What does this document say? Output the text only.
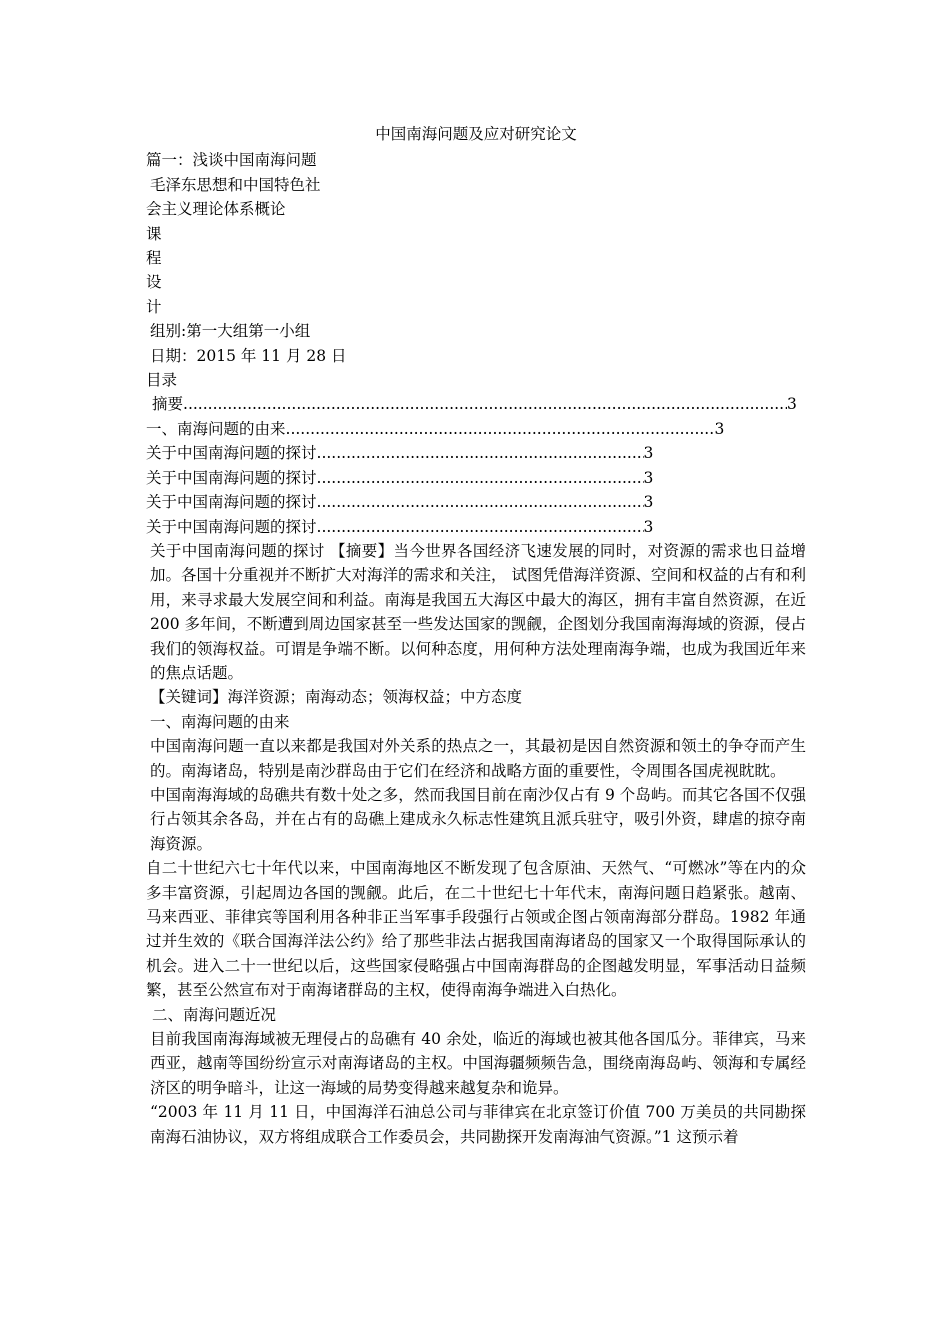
中国南海问题及应对研究论文
篇一：浅谈中国南海问题
毛泽东思想和中国特色社
会主义理论体系概论
课
程
设
计
组别:第一大组第一小组
日期：2015 年 11 月 28 日
目录
摘要 .....	3
一、南海问题的由来 .....	3
关于中国南海问题的探讨 .....	3
关于中国南海问题的探讨 .....	3
关于中国南海问题的探讨 .....	3
关于中国南海问题的探讨 .....	3

关于中国南海问题的探讨 【摘要】当今世界各国经济飞速发展的同时，对资源的需求也日益增加。各国十分重视并不断扩大对海洋的需求和关注， 试图凭借海洋资源、空间和权益的占有和利用，来寻求最大发展空间和利益。南海是我国五大海区中最大的海区，拥有丰富自然资源，在近 200 多年间，不断遭到周边国家甚至一些发达国家的觊觎，企图划分我国南海海域的资源，侵占我们的领海权益。可谓是争端不断。以何种态度，用何种方法处理南海争端，也成为我国近年来的焦点话题。

【关键词】海洋资源；南海动态；领海权益；中方态度

一、南海问题的由来

中国南海问题一直以来都是我国对外关系的热点之一，其最初是因自然资源和领土的争夺而产生的。南海诸岛，特别是南沙群岛由于它们在经济和战略方面的重要性，令周围各国虎视眈眈。

中国南海海域的岛礁共有数十处之多，然而我国目前在南沙仅占有 9 个岛屿。而其它各国不仅强行占领其余各岛，并在占有的岛礁上建成永久标志性建筑且派兵驻守，吸引外资，肆虐的掠夺南海资源。

自二十世纪六七十年代以来，中国南海地区不断发现了包含原油、天然气、“可燃冰”等在内的众多丰富资源，引起周边各国的觊觎。此后，在二十世纪七十年代末，南海问题日趋紧张。越南、马来西亚、菲律宾等国利用各种非正当军事手段强行占领或企图占领南海部分群岛。1982 年通过并生效的《联合国海洋法公约》给了那些非法占据我国南海诸岛的国家又一个取得国际承认的机会。进入二十一世纪以后，这些国家侵略强占中国南海群岛的企图越发明显，军事活动日益频繁，甚至公然宣布对于南海诸群岛的主权，使得南海争端进入白热化。

二、南海问题近况

目前我国南海海域被无理侵占的岛礁有 40 余处，临近的海域也被其他各国瓜分。菲律宾，马来西亚，越南等国纷纷宣示对南海诸岛的主权。中国海疆频频告急，围绕南海岛屿、领海和专属经济区的明争暗斗，让这一海域的局势变得越来越复杂和诡异。

“2003 年 11 月 11 日，中国海洋石油总公司与菲律宾在北京签订价值 700 万美员的共同勘探南海石油协议，双方将组成联合工作委员会，共同勘探开发南海油气资源。”1 这预示着
